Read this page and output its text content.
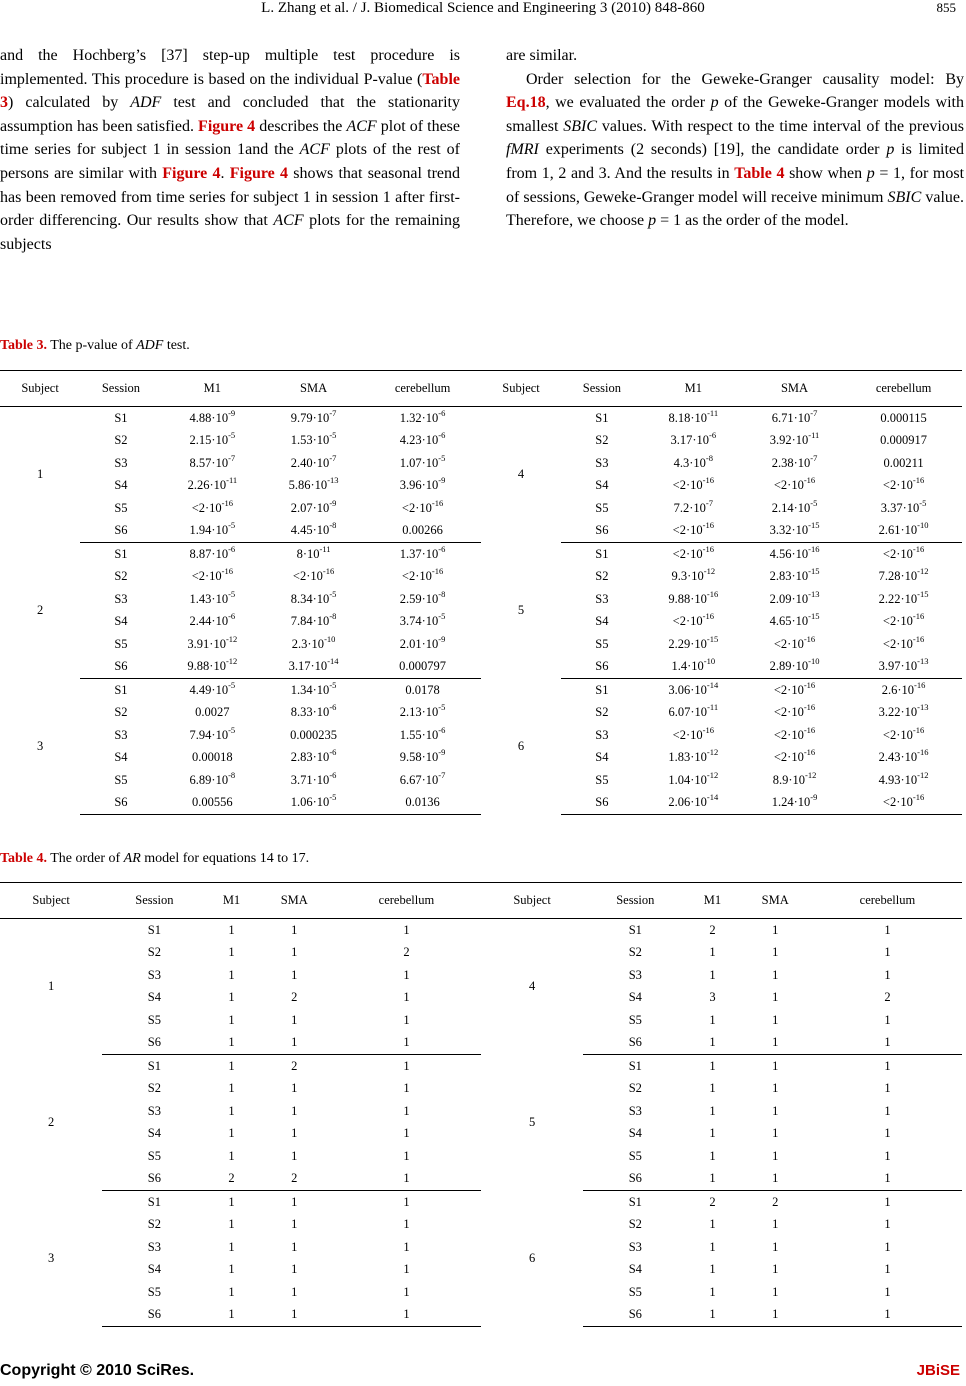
L. Zhang et al. / J. Biomedical Science and Engineering 3 (2010) 848-860	855

and the Hochberg’s [37] step-up multiple test procedure is implemented. This procedure is based on the individual P-value (Table 3) calculated by ADF test and concluded that the stationarity assumption has been satisfied. Figure 4 describes the ACF plot of these time series for subject 1 in session 1and the ACF plots of the rest of persons are similar with Figure 4. Figure 4 shows that seasonal trend has been removed from time series for subject 1 in session 1 after first-order differencing. Our results show that ACF plots for the remaining subjects

are similar.

Order selection for the Geweke-Granger causality model: By Eq.18, we evaluated the order p of the Geweke-Granger models with smallest SBIC values. With respect to the time interval of the previous fMRI experiments (2 seconds) [19], the candidate order p is limited from 1, 2 and 3. And the results in Table 4 show when p = 1, for most of sessions, Geweke-Granger model will receive minimum SBIC value. Therefore, we choose p = 1 as the order of the model.

Table 3. The p-value of ADF test.
Subject	Session	M1	SMA	cerebellum	Subject	Session	M1	SMA	cerebellum
1	S1	$4.88\cdot 10^{-9}$	$9.79\cdot 10^{-7}$	$1.32\cdot 10^{-6}$	4	S1	$8.18\cdot 10^{-11}$	$6.71\cdot 10^{-7}$	0.000115
	S2	$2.15\cdot 10^{-5}$	$1.53\cdot 10^{-5}$	$4.23\cdot 10^{-6}$		S2	$3.17\cdot 10^{-6}$	$3.92\cdot 10^{-11}$	0.000917
	S3	$8.57\cdot 10^{-7}$	$2.40\cdot 10^{-7}$	$1.07\cdot 10^{-5}$		S3	$4.3\cdot 10^{-8}$	$2.38\cdot 10^{-7}$	0.00211
	S4	$2.26\cdot 10^{-11}$	$5.86\cdot 10^{-13}$	$3.96\cdot 10^{-9}$		S4	$<2\cdot 10^{-16}$	$<2\cdot 10^{-16}$	$<2\cdot 10^{-16}$
	S5	$<2\cdot 10^{-16}$	$2.07\cdot 10^{-9}$	$<2\cdot 10^{-16}$		S5	$7.2\cdot 10^{-7}$	$2.14\cdot 10^{-5}$	$3.37\cdot 10^{-5}$
	S6	$1.94\cdot 10^{-5}$	$4.45\cdot 10^{-8}$	0.00266		S6	$<2\cdot 10^{-16}$	$3.32\cdot 10^{-15}$	$2.61\cdot 10^{-10}$
2	S1	$8.87\cdot 10^{-6}$	$8\cdot 10^{-11}$	$1.37\cdot 10^{-6}$	5	S1	$<2\cdot 10^{-16}$	$4.56\cdot 10^{-16}$	$<2\cdot 10^{-16}$
	S2	$<2\cdot 10^{-16}$	$<2\cdot 10^{-16}$	$<2\cdot 10^{-16}$		S2	$9.3\cdot 10^{-12}$	$2.83\cdot 10^{-15}$	$7.28\cdot 10^{-12}$
	S3	$1.43\cdot 10^{-5}$	$8.34\cdot 10^{-5}$	$2.59\cdot 10^{-8}$		S3	$9.88\cdot 10^{-16}$	$2.09\cdot 10^{-13}$	$2.22\cdot 10^{-15}$
	S4	$2.44\cdot 10^{-6}$	$7.84\cdot 10^{-8}$	$3.74\cdot 10^{-5}$		S4	$<2\cdot 10^{-16}$	$4.65\cdot 10^{-15}$	$<2\cdot 10^{-16}$
	S5	$3.91\cdot 10^{-12}$	$2.3\cdot 10^{-10}$	$2.01\cdot 10^{-9}$		S5	$2.29\cdot 10^{-15}$	$<2\cdot 10^{-16}$	$<2\cdot 10^{-16}$
	S6	$9.88\cdot 10^{-12}$	$3.17\cdot 10^{-14}$	0.000797		S6	$1.4\cdot 10^{-10}$	$2.89\cdot 10^{-10}$	$3.97\cdot 10^{-13}$
3	S1	$4.49\cdot 10^{-5}$	$1.34\cdot 10^{-5}$	0.0178	6	S1	$3.06\cdot 10^{-14}$	$<2\cdot 10^{-16}$	$2.6\cdot 10^{-16}$
	S2	0.0027	$8.33\cdot 10^{-6}$	$2.13\cdot 10^{-5}$		S2	$6.07\cdot 10^{-11}$	$<2\cdot 10^{-16}$	$3.22\cdot 10^{-13}$
	S3	$7.94\cdot 10^{-5}$	0.000235	$1.55\cdot 10^{-6}$		S3	$<2\cdot 10^{-16}$	$<2\cdot 10^{-16}$	$<2\cdot 10^{-16}$
	S4	0.00018	$2.83\cdot 10^{-6}$	$9.58\cdot 10^{-9}$		S4	$1.83\cdot 10^{-12}$	$<2\cdot 10^{-16}$	$2.43\cdot 10^{-16}$
	S5	$6.89\cdot 10^{-8}$	$3.71\cdot 10^{-6}$	$6.67\cdot 10^{-7}$		S5	$1.04\cdot 10^{-12}$	$8.9\cdot 10^{-12}$	$4.93\cdot 10^{-12}$
	S6	0.00556	$1.06\cdot 10^{-5}$	0.0136		S6	$2.06\cdot 10^{-14}$	$1.24\cdot 10^{-9}$	$<2\cdot 10^{-16}$
Table 4. The order of AR model for equations 14 to 17.
Subject	Session	M1	SMA	cerebellum	Subject	Session	M1	SMA	cerebellum
1	S1	1	1	1	4	S1	2	1	1
	S2	1	1	2		S2	1	1	1
	S3	1	1	1		S3	1	1	1
	S4	1	2	1		S4	3	1	2
	S5	1	1	1		S5	1	1	1
	S6	1	1	1		S6	1	1	1
2	S1	1	2	1	5	S1	1	1	1
	S2	1	1	1		S2	1	1	1
	S3	1	1	1		S3	1	1	1
	S4	1	1	1		S4	1	1	1
	S5	1	1	1		S5	1	1	1
	S6	2	2	1		S6	1	1	1
3	S1	1	1	1	6	S1	2	2	1
	S2	1	1	1		S2	1	1	1
	S3	1	1	1		S3	1	1	1
	S4	1	1	1		S4	1	1	1
	S5	1	1	1		S5	1	1	1
	S6	1	1	1		S6	1	1	1
Copyright © 2010 SciRes.	JBiSE
